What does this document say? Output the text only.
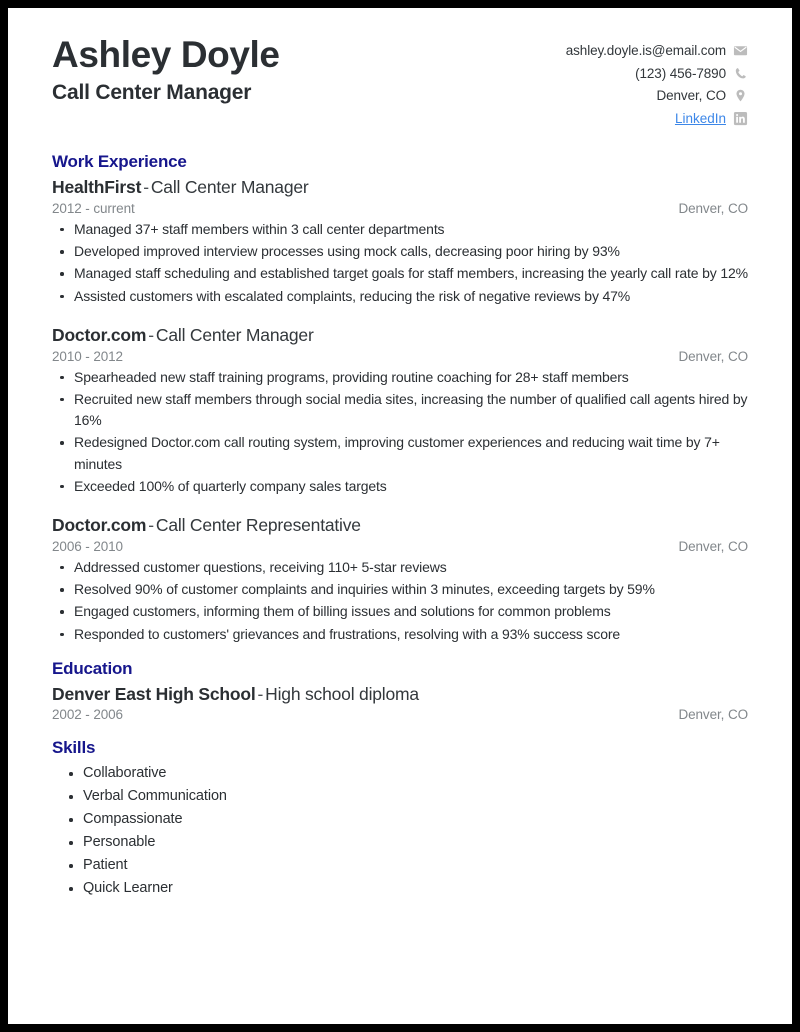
Ashley Doyle
Call Center Manager
ashley.doyle.is@email.com
(123) 456-7890
Denver, CO
LinkedIn
Work Experience
HealthFirst - Call Center Manager
2012 - current	Denver, CO
Managed 37+ staff members within 3 call center departments
Developed improved interview processes using mock calls, decreasing poor hiring by 93%
Managed staff scheduling and established target goals for staff members, increasing the yearly call rate by 12%
Assisted customers with escalated complaints, reducing the risk of negative reviews by 47%
Doctor.com - Call Center Manager
2010 - 2012	Denver, CO
Spearheaded new staff training programs, providing routine coaching for 28+ staff members
Recruited new staff members through social media sites, increasing the number of qualified call agents hired by 16%
Redesigned Doctor.com call routing system, improving customer experiences and reducing wait time by 7+ minutes
Exceeded 100% of quarterly company sales targets
Doctor.com - Call Center Representative
2006 - 2010	Denver, CO
Addressed customer questions, receiving 110+ 5-star reviews
Resolved 90% of customer complaints and inquiries within 3 minutes, exceeding targets by 59%
Engaged customers, informing them of billing issues and solutions for common problems
Responded to customers' grievances and frustrations, resolving with a 93% success score
Education
Denver East High School - High school diploma
2002 - 2006	Denver, CO
Skills
Collaborative
Verbal Communication
Compassionate
Personable
Patient
Quick Learner
